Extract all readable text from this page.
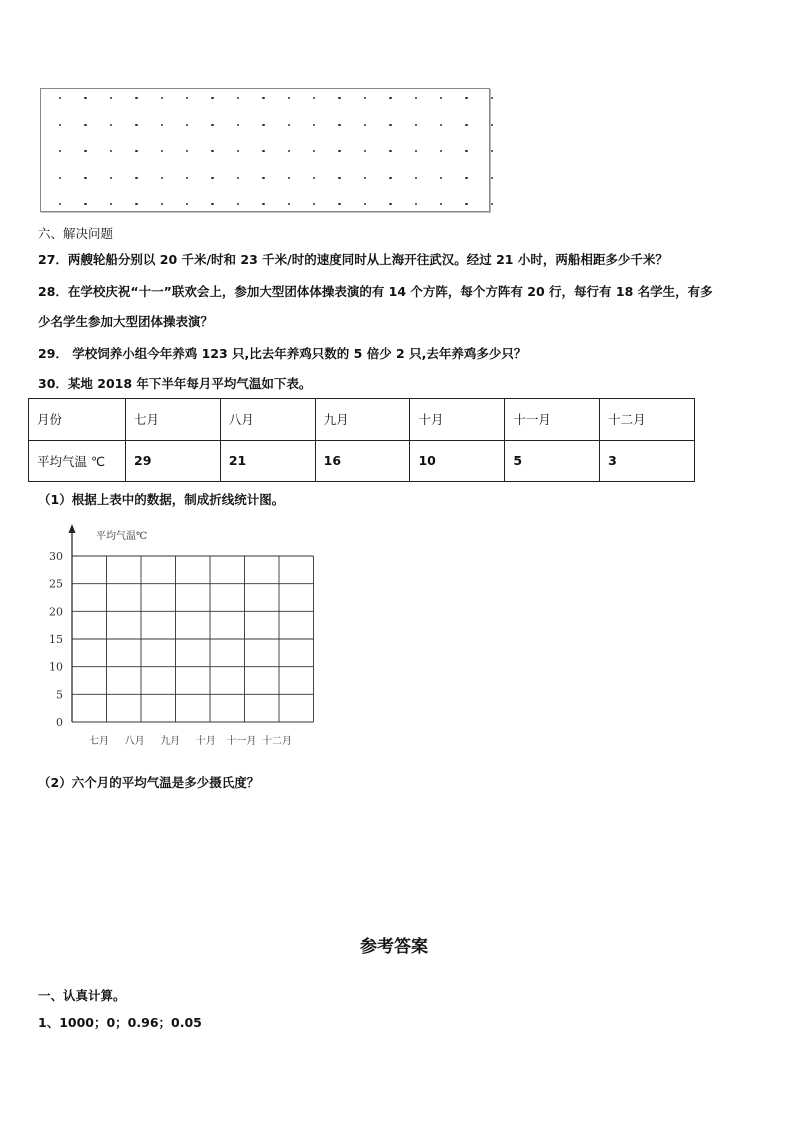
六、解决问题
27．两艘轮船分别以 20 千米/时和 23 千米/时的速度同时从上海开往武汉。经过 21 小时，两船相距多少千米？
28．在学校庆祝“十一”联欢会上，参加大型团体体操表演的有 14 个方阵，每个方阵有 20 行，每行有 18 名学生，有多
少名学生参加大型团体操表演？
29． 学校饲养小组今年养鸡 123 只,比去年养鸡只数的 5 倍少 2 只,去年养鸡多少只？
30．某地 2018 年下半年每月平均气温如下表。
月份	七月	八月	九月	十月	十一月	十二月
平均气温 ℃	29	21	16	10	5	3
（1）根据上表中的数据，制成折线统计图。
平均气温℃
30
25
20
15
10
5
0
七月 八月 九月 十月 十一月 十二月
（2）六个月的平均气温是多少摄氏度？
参考答案
一、认真计算。
1、1000；0；0.96；0.05
